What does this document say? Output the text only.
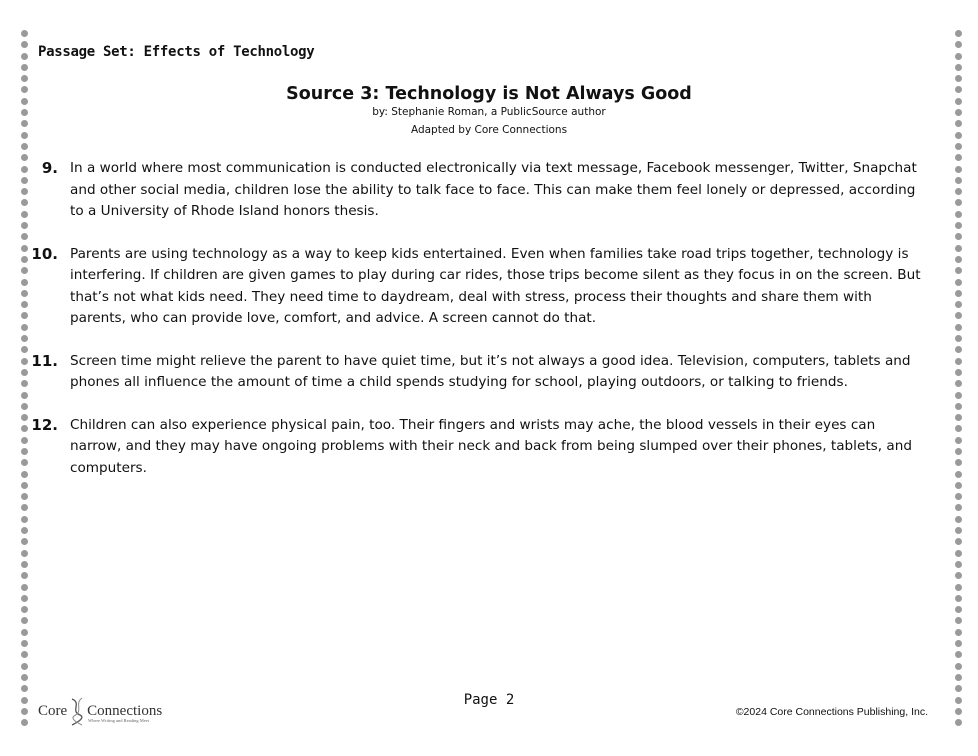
Passage Set: Effects of Technology
Source 3: Technology is Not Always Good
by: Stephanie Roman, a PublicSource author
Adapted by Core Connections
9. In a world where most communication is conducted electronically via text message, Facebook messenger, Twitter, Snapchat and other social media, children lose the ability to talk face to face. This can make them feel lonely or depressed, according to a University of Rhode Island honors thesis.
10. Parents are using technology as a way to keep kids entertained. Even when families take road trips together, technology is interfering. If children are given games to play during car rides, those trips become silent as they focus in on the screen. But that’s not what kids need. They need time to daydream, deal with stress, process their thoughts and share them with parents, who can provide love, comfort, and advice. A screen cannot do that.
11. Screen time might relieve the parent to have quiet time, but it’s not always a good idea. Television, computers, tablets and phones all influence the amount of time a child spends studying for school, playing outdoors, or talking to friends.
12. Children can also experience physical pain, too. Their fingers and wrists may ache, the blood vessels in their eyes can narrow, and they may have ongoing problems with their neck and back from being slumped over their phones, tablets, and computers.
Page 2
Core Connections
Where Writing and Reading Meet
©2024 Core Connections Publishing, Inc.
